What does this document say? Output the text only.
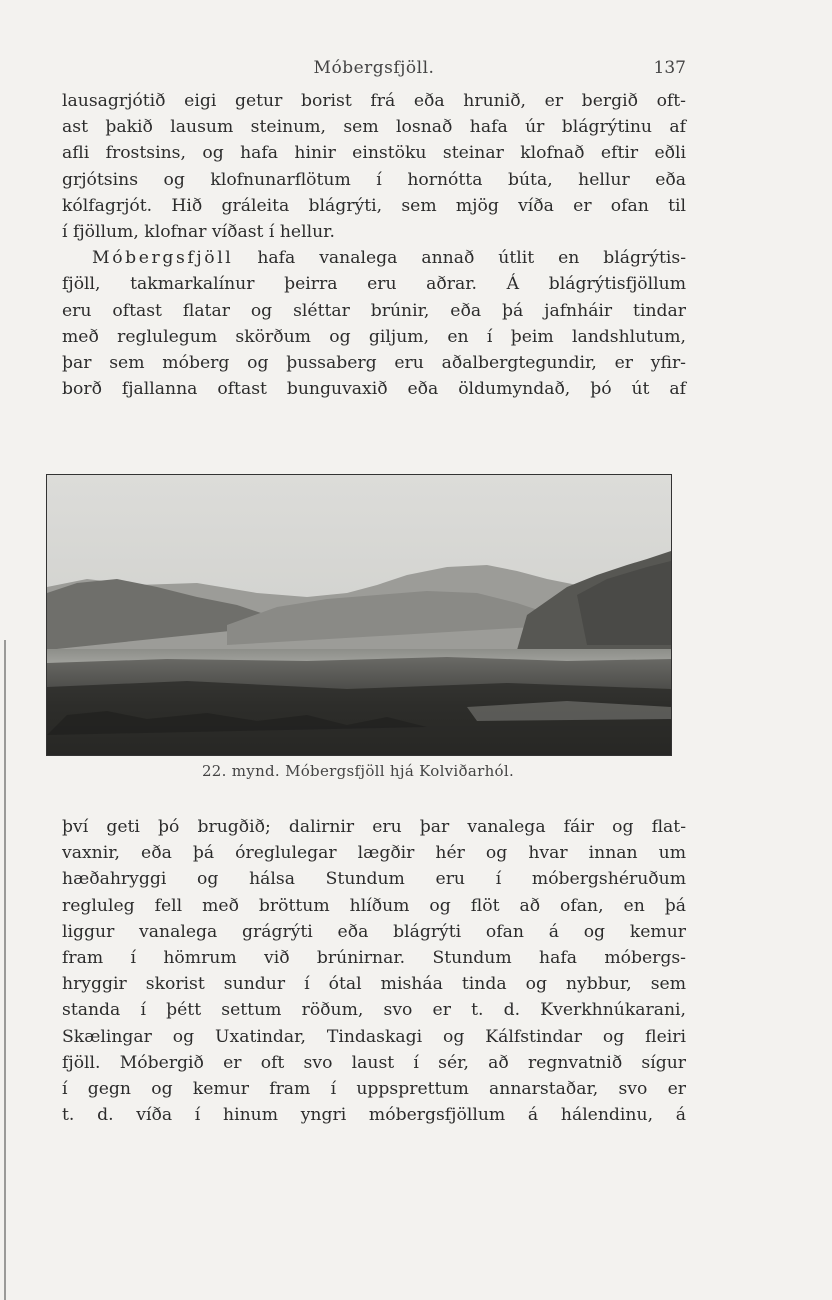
Móbergsfjöll.	137
lausagrjótið eigi getur borist frá eða hrunið, er bergið oft-
ast þakið lausum steinum, sem losnað hafa úr blágrýtinu af
afli frostsins, og hafa hinir einstöku steinar klofnað eftir eðli
grjótsins og klofnunarflötum í hornótta búta, hellur eða
kólfagrjót. Hið gráleita blágrýti, sem mjög víða er ofan til
í fjöllum, klofnar víðast í hellur.
Móbergsfjöll hafa vanalega annað útlit en blágrýtis-
fjöll, takmarkalínur þeirra eru aðrar. Á blágrýtisfjöllum
eru oftast flatar og sléttar brúnir, eða þá jafnháir tindar
með reglulegum skörðum og giljum, en í þeim landshlutum,
þar sem móberg og þussaberg eru aðalbergtegundir, er yfir-
borð fjallanna oftast bunguvaxið eða öldumyndað, þó út af
22. mynd. Móbergsfjöll hjá Kolviðarhól.
því geti þó brugðið; dalirnir eru þar vanalega fáir og flat-
vaxnir, eða þá óreglulegar lægðir hér og hvar innan um
hæðahryggi og hálsa Stundum eru í móbergshéruðum
regluleg fell með bröttum hlíðum og flöt að ofan, en þá
liggur vanalega grágrýti eða blágrýti ofan á og kemur
fram í hömrum við brúnirnar. Stundum hafa móbergs-
hryggir skorist sundur í ótal misháa tinda og nybbur, sem
standa í þétt settum röðum, svo er t. d. Kverkhnúkarani,
Skælingar og Uxatindar, Tindaskagi og Kálfstindar og fleiri
fjöll. Móbergið er oft svo laust í sér, að regnvatnið sígur
í gegn og kemur fram í uppsprettum annarstaðar, svo er
t. d. víða í hinum yngri móbergsfjöllum á hálendinu, á
